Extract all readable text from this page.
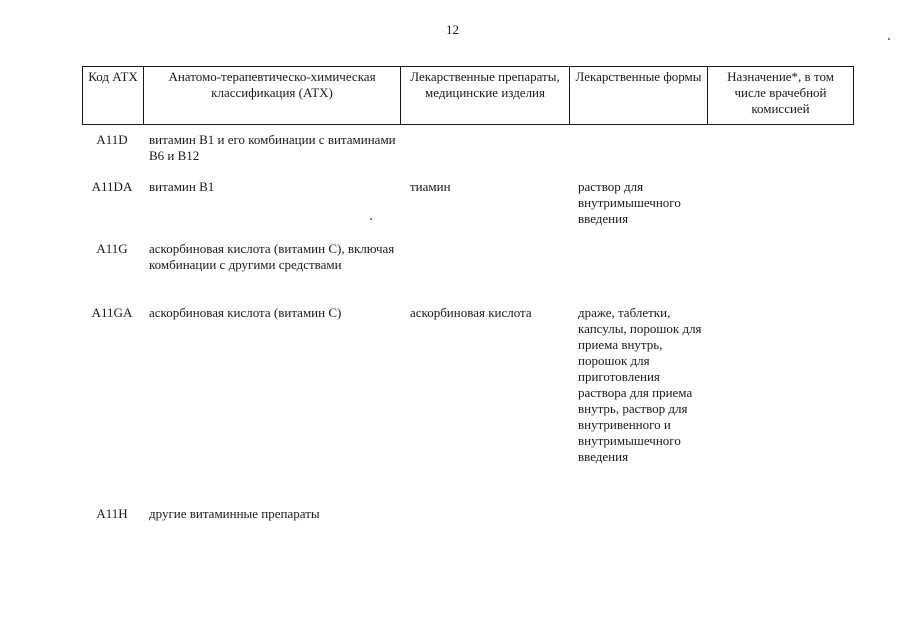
12
Код АТХ	Анатомо-терапевтическо-химическая классификация (АТХ)	Лекарственные препараты, медицинские изделия	Лекарственные формы	Назначение*, в том числе врачебной комиссией
A11D	витамин В1 и его комбинации с витаминами В6 и В12
A11DA	витамин В1	тиамин	раствор для внутримышечного введения
A11G	аскорбиновая кислота (витамин С), включая комбинации с другими средствами
A11GA	аскорбиновая кислота (витамин С)	аскорбиновая кислота	драже, таблетки, капсулы, порошок для приема внутрь, порошок для приготовления раствора для приема внутрь, раствор для внутривенного и внутримышечного введения
A11H	другие витаминные препараты
